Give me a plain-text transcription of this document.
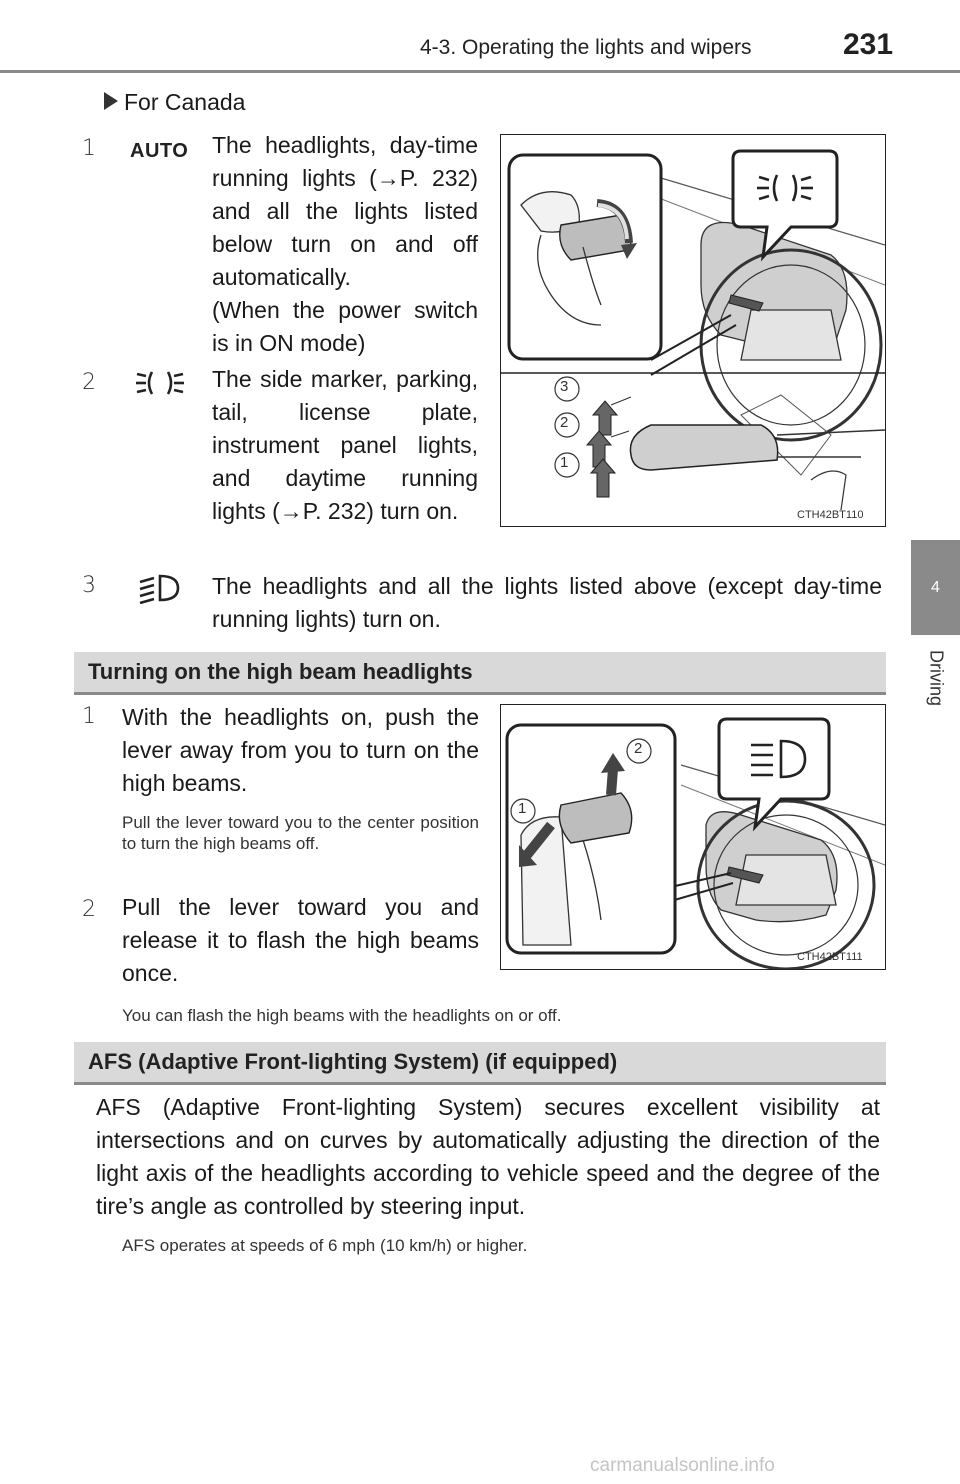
4-3. Operating the lights and wipers	231
4
Driving
For Canada
1	AUTO The headlights, day-time running lights (→P. 232) and all the lights listed below turn on and off automatically.
(When the power switch is in ON mode)
2	The side marker, parking, tail, license plate, instrument panel lights, and daytime running lights (→P. 232) turn on.
3	The headlights and all the lights listed above (except day-time running lights) turn on.
3
2
1
CTH42BT110
Turning on the high beam headlights
1	With the headlights on, push the lever away from you to turn on the high beams.
Pull the lever toward you to the center position to turn the high beams off.
2	Pull the lever toward you and release it to flash the high beams once.
You can flash the high beams with the headlights on or off.
2
1
CTH42BT111
AFS (Adaptive Front-lighting System) (if equipped)
AFS (Adaptive Front-lighting System) secures excellent visibility at intersections and on curves by automatically adjusting the direction of the light axis of the headlights according to vehicle speed and the degree of the tire’s angle as controlled by steering input.
AFS operates at speeds of 6 mph (10 km/h) or higher.
carmanualsonline.info
